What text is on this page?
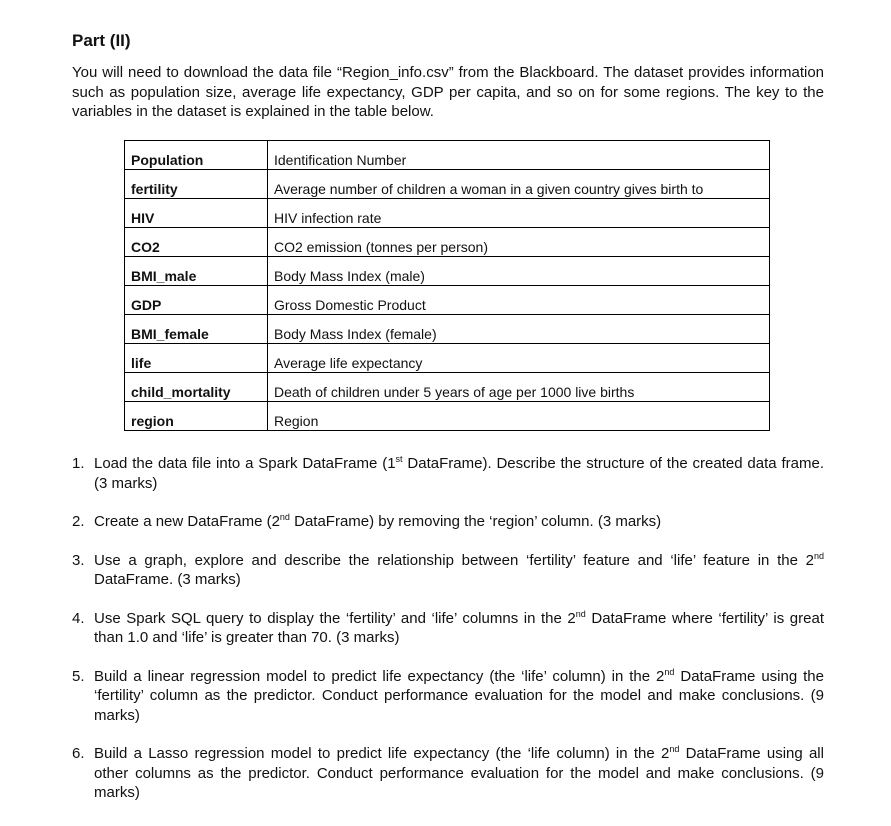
Part (II)

You will need to download the data file “Region_info.csv” from the Blackboard. The dataset provides information such as population size, average life expectancy, GDP per capita, and so on for some regions. The key to the variables in the dataset is explained in the table below.

Population	Identification Number
fertility	Average number of children a woman in a given country gives birth to
HIV	HIV infection rate
CO2	CO2 emission (tonnes per person)
BMI_male	Body Mass Index (male)
GDP	Gross Domestic Product
BMI_female	Body Mass Index (female)
life	Average life expectancy
child_mortality	Death of children under 5 years of age per 1000 live births
region	Region
1. Load the data file into a Spark DataFrame (1st DataFrame). Describe the structure of the created data frame. (3 marks)
2. Create a new DataFrame (2nd DataFrame) by removing the ‘region’ column. (3 marks)
3. Use a graph, explore and describe the relationship between ‘fertility’ feature and ‘life’ feature in the 2nd DataFrame. (3 marks)
4. Use Spark SQL query to display the ‘fertility’ and ‘life’ columns in the 2nd DataFrame where ‘fertility’ is great than 1.0 and ‘life’ is greater than 70. (3 marks)
5. Build a linear regression model to predict life expectancy (the ‘life’ column) in the 2nd DataFrame using the ‘fertility’ column as the predictor. Conduct performance evaluation for the model and make conclusions. (9 marks)
6. Build a Lasso regression model to predict life expectancy (the ‘life column) in the 2nd DataFrame using all other columns as the predictor. Conduct performance evaluation for the model and make conclusions. (9 marks)
